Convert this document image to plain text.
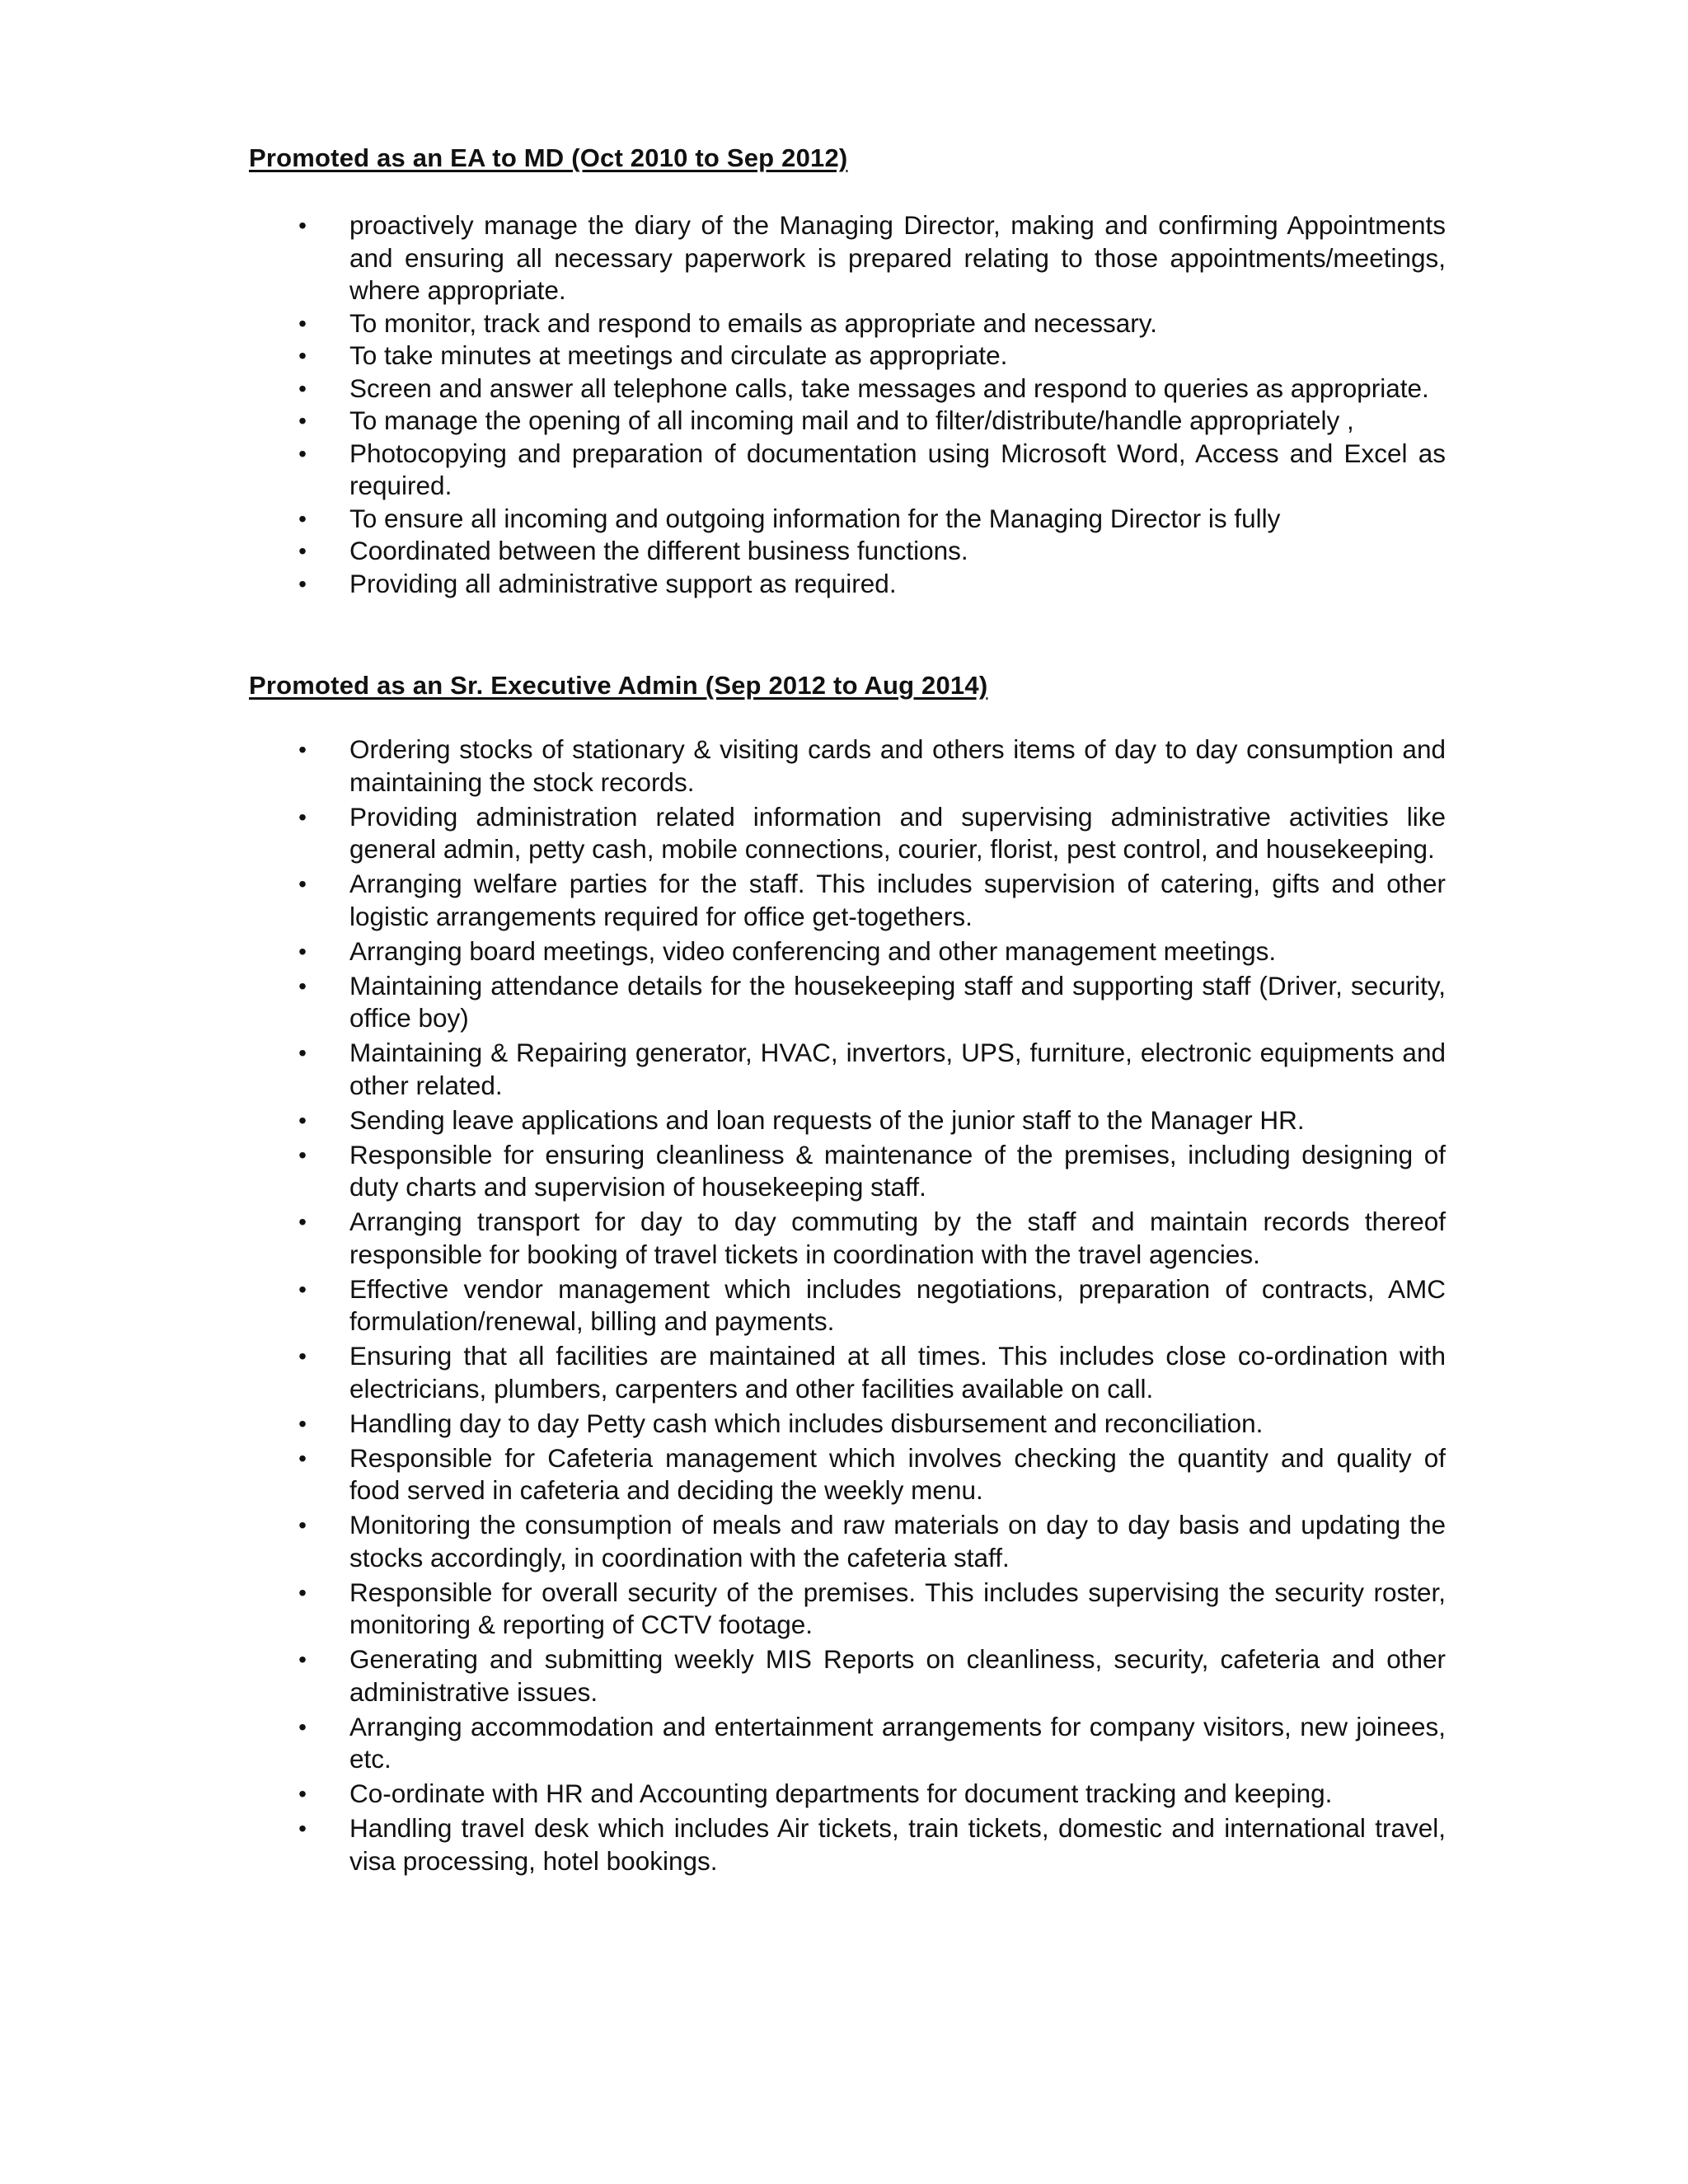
Promoted as an EA to MD (Oct 2010 to Sep 2012)
•	proactively manage the diary of the Managing Director, making and confirming Appointments and ensuring all necessary paperwork is prepared relating to those appointments/meetings, where appropriate.
•	To monitor, track and respond to emails as appropriate and necessary.
•	To take minutes at meetings and circulate as appropriate.
•	Screen and answer all telephone calls, take messages and respond to queries as appropriate.
•	To manage the opening of all incoming mail and to filter/distribute/handle appropriately ,
•	Photocopying and preparation of documentation using Microsoft Word, Access and Excel as required.
•	To ensure all incoming and outgoing information for the Managing Director is fully
•	Coordinated between the different business functions.
•	Providing all administrative support as required.
Promoted as an Sr. Executive Admin (Sep 2012 to Aug 2014)
•	Ordering stocks of stationary & visiting cards and others items of day to day consumption and maintaining the stock records.
•	Providing administration related information and supervising administrative activities like general admin, petty cash, mobile connections, courier, florist, pest control, and housekeeping.
•	Arranging welfare parties for the staff. This includes supervision of catering, gifts and other logistic arrangements required for office get-togethers.
•	Arranging board meetings, video conferencing and other management meetings.
•	Maintaining attendance details for the housekeeping staff and supporting staff (Driver, security, office boy)
•	Maintaining & Repairing generator, HVAC, invertors, UPS, furniture, electronic equipments and other related.
•	Sending leave applications and loan requests of the junior staff to the Manager HR.
•	Responsible for ensuring cleanliness & maintenance of the premises, including designing of duty charts and supervision of housekeeping staff.
•	Arranging transport for day to day commuting by the staff and maintain records thereof responsible for booking of travel tickets in coordination with the travel agencies.
•	Effective vendor management which includes negotiations, preparation of contracts, AMC formulation/renewal, billing and payments.
•	Ensuring that all facilities are maintained at all times. This includes close co-ordination with electricians, plumbers, carpenters and other facilities available on call.
•	Handling day to day Petty cash which includes disbursement and reconciliation.
•	Responsible for Cafeteria management which involves checking the quantity and quality of food served in cafeteria and deciding the weekly menu.
•	Monitoring the consumption of meals and raw materials on day to day basis and updating the stocks accordingly, in coordination with the cafeteria staff.
•	Responsible for overall security of the premises. This includes supervising the security roster, monitoring & reporting of CCTV footage.
•	Generating and submitting weekly MIS Reports on cleanliness, security, cafeteria and other administrative issues.
•	Arranging accommodation and entertainment arrangements for company visitors, new joinees, etc.
•	Co-ordinate with HR and Accounting departments for document tracking and keeping.
•	Handling travel desk which includes Air tickets, train tickets, domestic and international travel, visa processing, hotel bookings.
